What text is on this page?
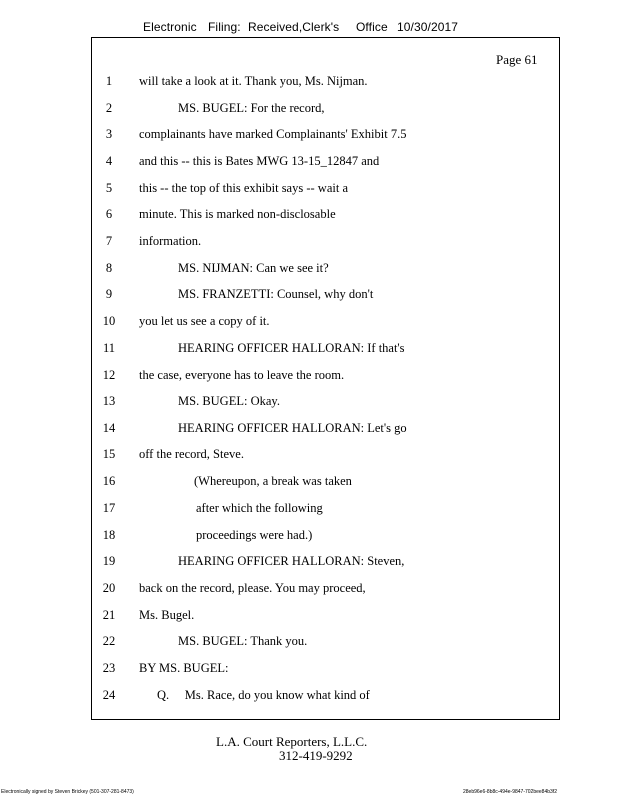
Electronic Filing: Received,Clerk's Office 10/30/2017
Page 61
1	will take a look at it. Thank you, Ms. Nijman.
2	MS. BUGEL: For the record,
3	complainants have marked Complainants' Exhibit 7.5
4	and this -- this is Bates MWG 13-15_12847 and
5	this -- the top of this exhibit says -- wait a
6	minute. This is marked non-disclosable
7	information.
8	MS. NIJMAN: Can we see it?
9	MS. FRANZETTI: Counsel, why don't
10 you let us see a copy of it.
11	HEARING OFFICER HALLORAN: If that's
12 the case, everyone has to leave the room.
13	MS. BUGEL: Okay.
14	HEARING OFFICER HALLORAN: Let's go
15 off the record, Steve.
16	(Whereupon, a break was taken
17	after which the following
18	proceedings were had.)
19	HEARING OFFICER HALLORAN: Steven,
20 back on the record, please. You may proceed,
21 Ms. Bugel.
22	MS. BUGEL: Thank you.
23 BY MS. BUGEL:
24	Q.     Ms. Race, do you know what kind of
L.A. Court Reporters, L.L.C.
312-419-9292
Electronically signed by Steven Brickey (501-307-281-8473)	28eb96e6-8b8c-494e-9847-702bee84b3f2
